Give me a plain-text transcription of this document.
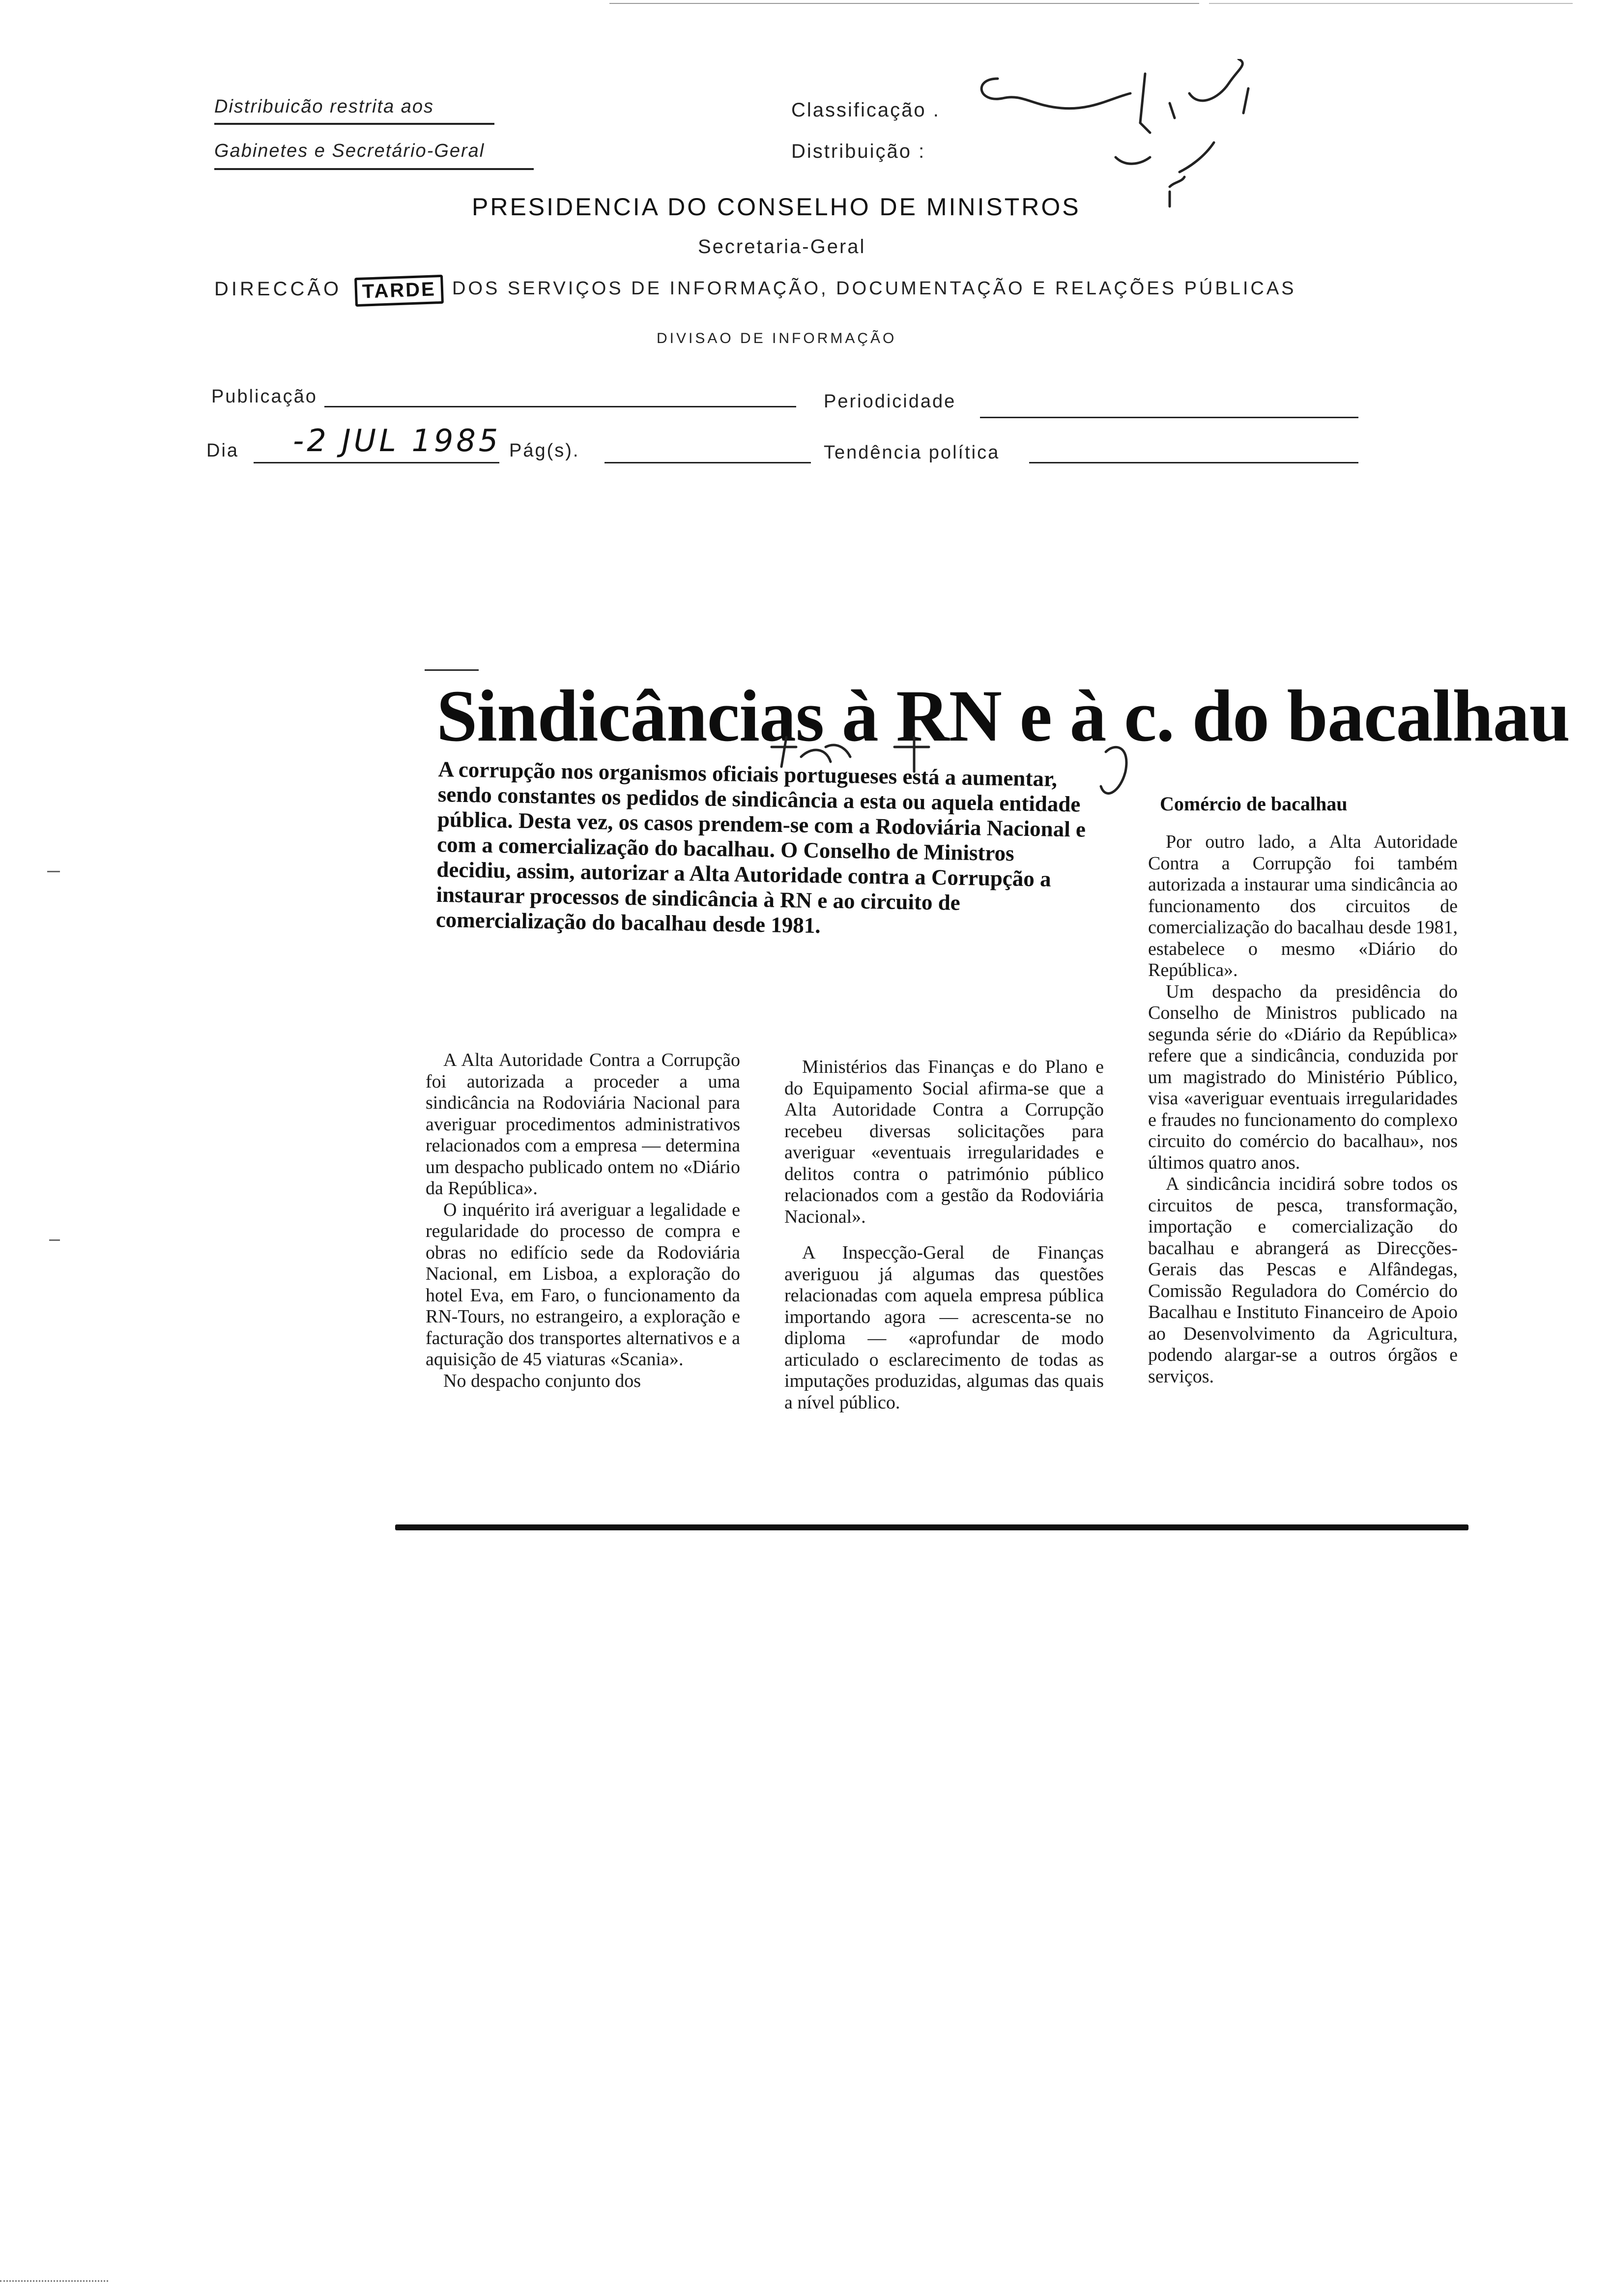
Distribuicão restrita aos
Gabinetes e Secretário-Geral
Classificação .
Distribuição :
PRESIDENCIA DO CONSELHO DE MINISTROS
Secretaria-Geral
DIRECCÃO	TARDE DOS SERVIÇOS DE INFORMAÇÃO, DOCUMENTAÇÃO E RELAÇÕES PÚBLICAS
DIVISAO DE INFORMAÇÃO
Publicação	Periodicidade
Dia -2 JUL 1985 Pág(s).	Tendência política
Sindicâncias à RN e à c. do bacalhau
A corrupção nos organismos oficiais portugueses está a aumentar, sendo constantes os pedidos de sindicância a esta ou aquela entidade pública. Desta vez, os casos prendem-se com a Rodoviária Nacional e com a comercialização do bacalhau. O Conselho de Ministros decidiu, assim, autorizar a Alta Autoridade contra a Corrupção a instaurar processos de sindicância à RN e ao circuito de comercialização do bacalhau desde 1981.
Comércio de bacalhau

A Alta Autoridade Contra a Corrupção foi autorizada a proceder a uma sindicância na Rodoviária Nacional para averiguar procedimentos administrativos relacionados com a empresa — determina um despacho publicado ontem no «Diário da República».

O inquérito irá averiguar a legalidade e regularidade do processo de compra e obras no edifício sede da Rodoviária Nacional, em Lisboa, a exploração do hotel Eva, em Faro, o funcionamento da RN-Tours, no estrangeiro, a exploração e facturação dos transportes alternativos e a aquisição de 45 viaturas «Scania».

No despacho conjunto dos

Ministérios das Finanças e do Plano e do Equipamento Social afirma-se que a Alta Autoridade Contra a Corrupção recebeu diversas solicitações para averiguar «eventuais irregularidades e delitos contra o património público relacionados com a gestão da Rodoviária Nacional».

A Inspecção-Geral de Finanças averiguou já algumas das questões relacionadas com aquela empresa pública importando agora — acrescenta-se no diploma — «aprofundar de modo articulado o esclarecimento de todas as imputações produzidas, algumas das quais a nível público.

Por outro lado, a Alta Autoridade Contra a Corrupção foi também autorizada a instaurar uma sindicância ao funcionamento dos circuitos de comercialização do bacalhau desde 1981, estabelece o mesmo «Diário do República».

Um despacho da presidência do Conselho de Ministros publicado na segunda série do «Diário da República» refere que a sindicância, conduzida por um magistrado do Ministério Público, visa «averiguar eventuais irregularidades e fraudes no funcionamento do complexo circuito do comércio do bacalhau», nos últimos quatro anos.

A sindicância incidirá sobre todos os circuitos de pesca, transformação, importação e comercialização do bacalhau e abrangerá as Direcções-Gerais das Pescas e Alfândegas, Comissão Reguladora do Comércio do Bacalhau e Instituto Financeiro de Apoio ao Desenvolvimento da Agricultura, podendo alargar-se a outros órgãos e serviços.
